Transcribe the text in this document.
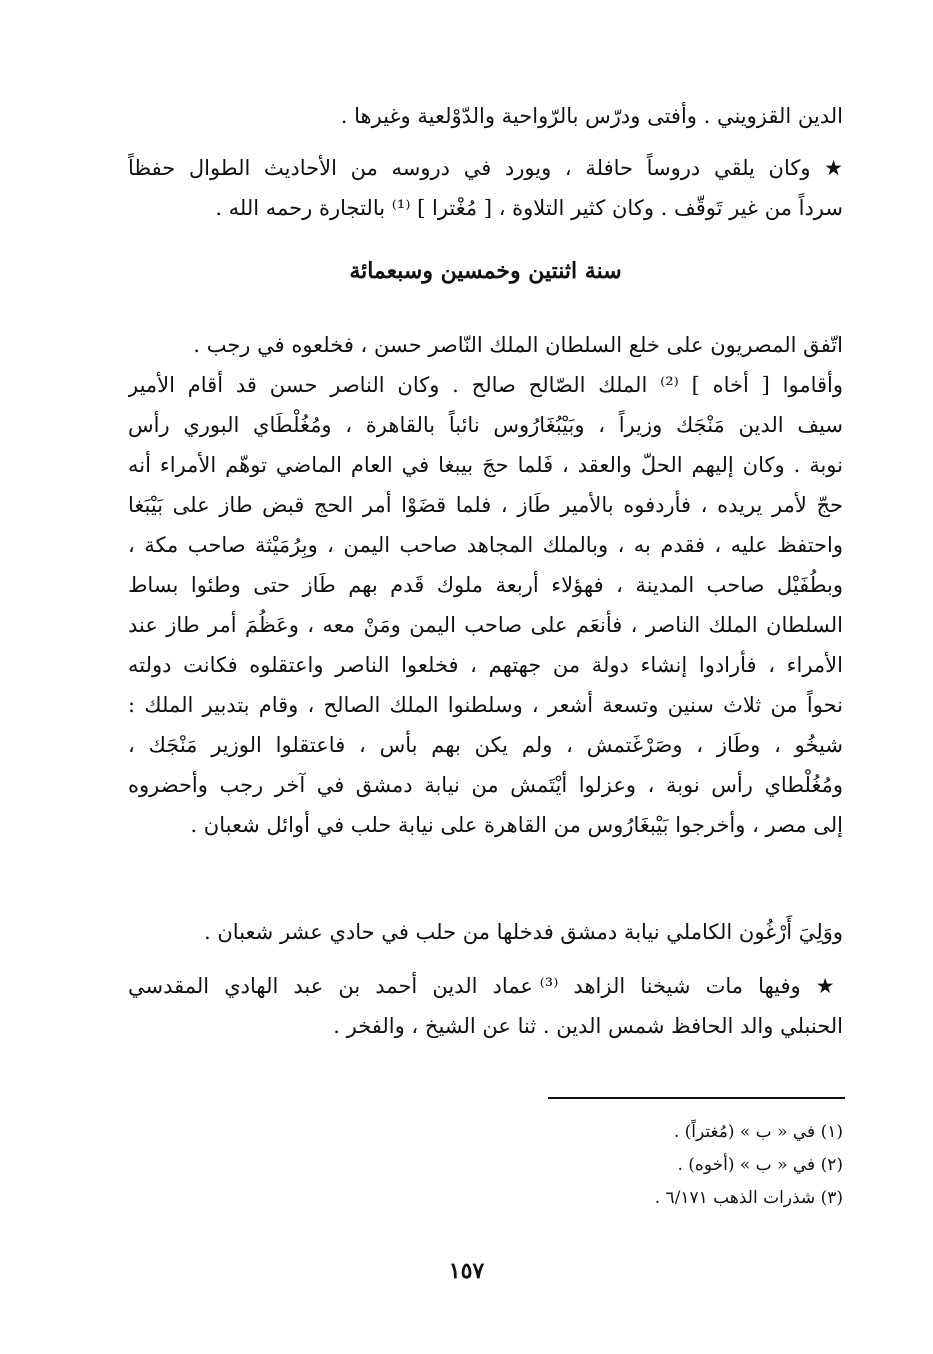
الدين القزويني . وأفتى ودرّس بالرّواحية والدّوْلعية وغيرها .
★ وكان يلقي دروساً حافلة ، ويورد في دروسه من الأحاديث الطوال حفظاً
سرداً من غير تَوقّف . وكان كثير التلاوة ، [ مُغْترا ] ⁽¹⁾ بالتجارة رحمه الله .
سنة اثنتين وخمسين وسبعمائة
اتّفق المصريون على خلع السلطان الملك النّاصر حسن ، فخلعوه في رجب .
وأقاموا [ أخاه ] ⁽²⁾ الملك الصّالح صالح . وكان الناصر حسن قد أقام الأمير
سيف الدين مَنْجَك وزيراً ، وبَيْبُغَارُوس نائباً بالقاهرة ، ومُغُلْطَاي البوري رأس
نوبة . وكان إليهم الحلّ والعقد ، فَلما حجَ بيبغا في العام الماضي توهّم الأمراء أنه
حجّ لأمر يريده ، فأردفوه بالأمير طَاز ، فلما قضَوْا أمر الحج قبض طاز على بَيْبَغا
واحتفظ عليه ، فقدم به ، وبالملك المجاهد صاحب اليمن ، وبِرُمَيْثة صاحب مكة ،
وبطُفَيْل صاحب المدينة ، فهؤلاء أربعة ملوك قَدم بهم طَاز حتى وطئوا بساط
السلطان الملك الناصر ، فأنعَم على صاحب اليمن ومَنْ معه ، وعَظُمَ أمر طاز عند
الأمراء ، فأرادوا إنشاء دولة من جهتهم ، فخلعوا الناصر واعتقلوه فكانت دولته
نحواً من ثلاث سنين وتسعة أشعر ، وسلطنوا الملك الصالح ، وقام بتدبير الملك :
شيخُو ، وطَاز ، وصَرْغَتمش ، ولم يكن بهم بأس ، فاعتقلوا الوزير مَنْجَك ،
ومُغُلْطاي رأس نوبة ، وعزلوا أيْتَمش من نيابة دمشق في آخر رجب وأحضروه
إلى مصر ، وأخرجوا بَيْبغَارُوس من القاهرة على نيابة حلب في أوائل شعبان .
ووَلِيَ أَرْغُون الكاملي نيابة دمشق فدخلها من حلب في حادي عشر شعبان .
★ وفيها مات شيخنا الزاهد ⁽³⁾ عماد الدين أحمد بن عبد الهادي المقدسي
الحنبلي والد الحافظ شمس الدين . ثنا عن الشيخ ، والفخر .
(١) في « ب » (مُغتراً) .
(٢) في « ب » (أخوه) .
(٣) شذرات الذهب ٦/١٧١ .
١٥٧
